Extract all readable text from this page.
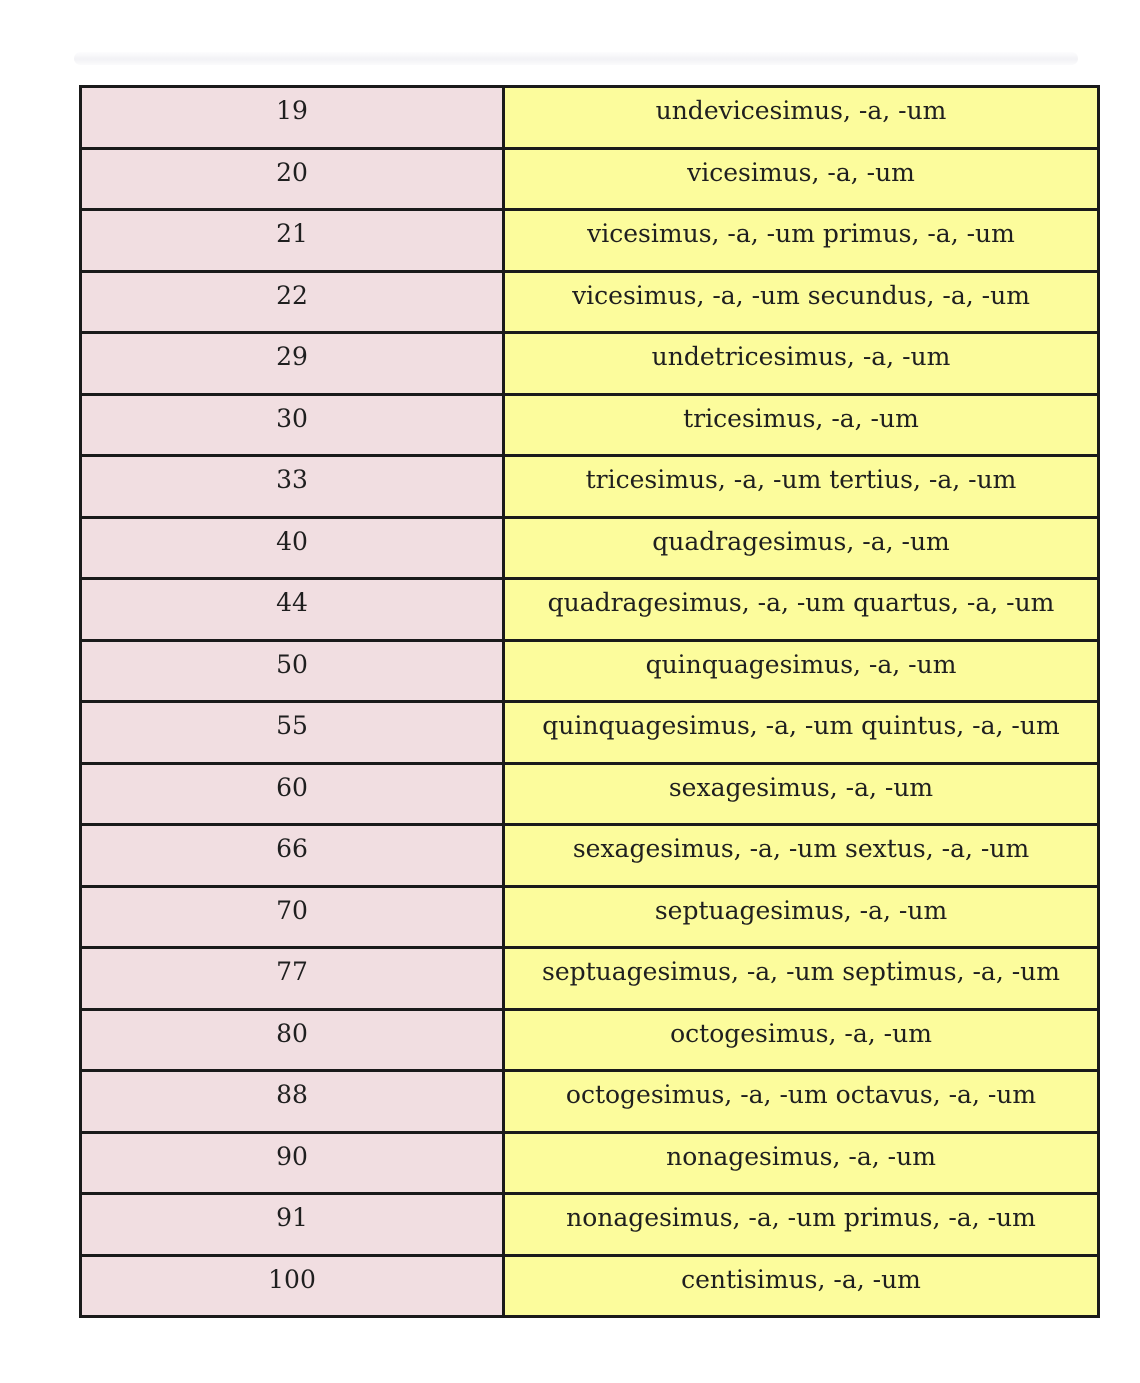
19	undevicesimus, -a, -um
20	vicesimus, -a, -um
21	vicesimus, -a, -um primus, -a, -um
22	vicesimus, -a, -um secundus, -a, -um
29	undetricesimus, -a, -um
30	tricesimus, -a, -um
33	tricesimus, -a, -um tertius, -a, -um
40	quadragesimus, -a, -um
44	quadragesimus, -a, -um quartus, -a, -um
50	quinquagesimus, -a, -um
55	quinquagesimus, -a, -um quintus, -a, -um
60	sexagesimus, -a, -um
66	sexagesimus, -a, -um sextus, -a, -um
70	septuagesimus, -a, -um
77	septuagesimus, -a, -um septimus, -a, -um
80	octogesimus, -a, -um
88	octogesimus, -a, -um octavus, -a, -um
90	nonagesimus, -a, -um
91	nonagesimus, -a, -um primus, -a, -um
100	centisimus, -a, -um
